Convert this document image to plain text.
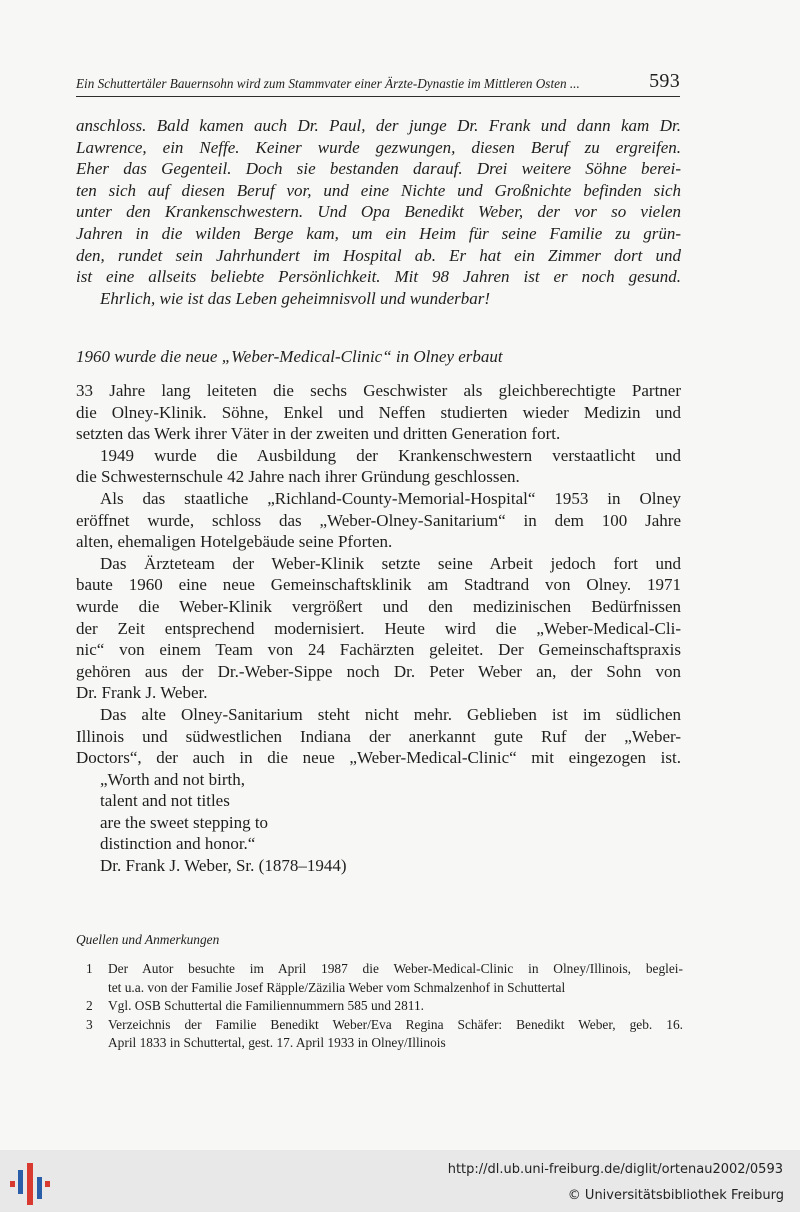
Ein Schuttertäler Bauernsohn wird zum Stammvater einer Ärzte-Dynastie im Mittleren Osten ...	593
anschloss. Bald kamen auch Dr. Paul, der junge Dr. Frank und dann kam Dr.
Lawrence, ein Neffe. Keiner wurde gezwungen, diesen Beruf zu ergreifen.
Eher das Gegenteil. Doch sie bestanden darauf. Drei weitere Söhne berei-
ten sich auf diesen Beruf vor, und eine Nichte und Großnichte befinden sich
unter den Krankenschwestern. Und Opa Benedikt Weber, der vor so vielen
Jahren in die wilden Berge kam, um ein Heim für seine Familie zu grün-
den, rundet sein Jahrhundert im Hospital ab. Er hat ein Zimmer dort und
ist eine allseits beliebte Persönlichkeit. Mit 98 Jahren ist er noch gesund.
Ehrlich, wie ist das Leben geheimnisvoll und wunderbar!
1960 wurde die neue „Weber-Medical-Clinic“ in Olney erbaut
33 Jahre lang leiteten die sechs Geschwister als gleichberechtigte Partner
die Olney-Klinik. Söhne, Enkel und Neffen studierten wieder Medizin und
setzten das Werk ihrer Väter in der zweiten und dritten Generation fort.
1949 wurde die Ausbildung der Krankenschwestern verstaatlicht und
die Schwesternschule 42 Jahre nach ihrer Gründung geschlossen.
Als das staatliche „Richland-County-Memorial-Hospital“ 1953 in Olney
eröffnet wurde, schloss das „Weber-Olney-Sanitarium“ in dem 100 Jahre
alten, ehemaligen Hotelgebäude seine Pforten.
Das Ärzteteam der Weber-Klinik setzte seine Arbeit jedoch fort und
baute 1960 eine neue Gemeinschaftsklinik am Stadtrand von Olney. 1971
wurde die Weber-Klinik vergrößert und den medizinischen Bedürfnissen
der Zeit entsprechend modernisiert. Heute wird die „Weber-Medical-Cli-
nic“ von einem Team von 24 Fachärzten geleitet. Der Gemeinschaftspraxis
gehören aus der Dr.-Weber-Sippe noch Dr. Peter Weber an, der Sohn von
Dr. Frank J. Weber.
Das alte Olney-Sanitarium steht nicht mehr. Geblieben ist im südlichen
Illinois und südwestlichen Indiana der anerkannt gute Ruf der „Weber-
Doctors“, der auch in die neue „Weber-Medical-Clinic“ mit eingezogen ist.
„Worth and not birth,
talent and not titles
are the sweet stepping to
distinction and honor.“
Dr. Frank J. Weber, Sr. (1878–1944)
Quellen und Anmerkungen
1	Der Autor besuchte im April 1987 die Weber-Medical-Clinic in Olney/Illinois, beglei-
tet u.a. von der Familie Josef Räpple/Zäzilia Weber vom Schmalzenhof in Schuttertal
2	Vgl. OSB Schuttertal die Familiennummern 585 und 2811.
3	Verzeichnis der Familie Benedikt Weber/Eva Regina Schäfer: Benedikt Weber, geb. 16.
April 1833 in Schuttertal, gest. 17. April 1933 in Olney/Illinois
http://dl.ub.uni-freiburg.de/diglit/ortenau2002/0593
© Universitätsbibliothek Freiburg
